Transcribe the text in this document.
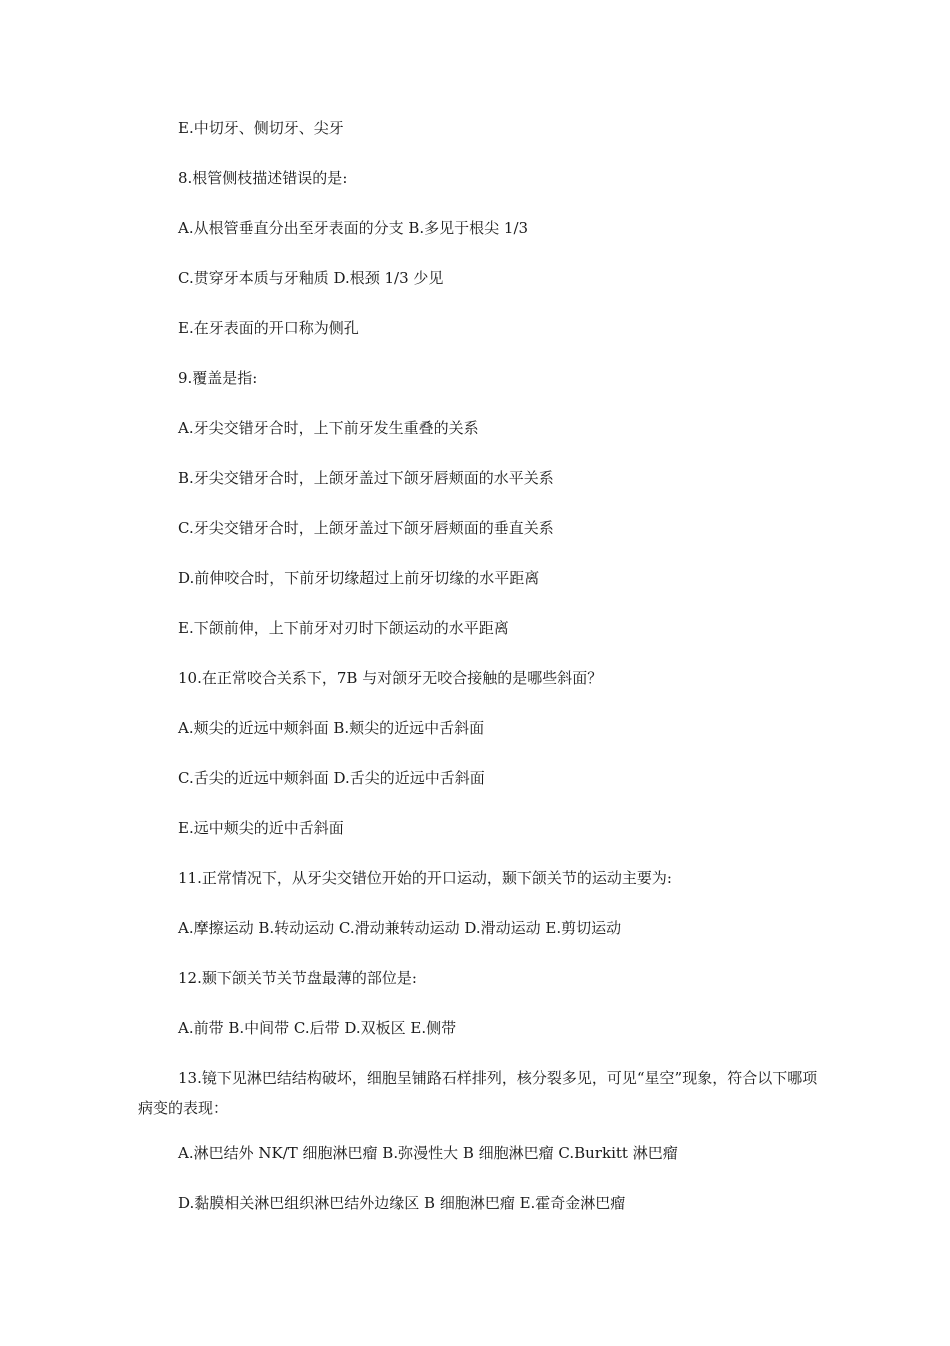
E.中切牙、侧切牙、尖牙
8.根管侧枝描述错误的是:
A.从根管垂直分出至牙表面的分支 B.多见于根尖 1/3
C.贯穿牙本质与牙釉质 D.根颈 1/3 少见
E.在牙表面的开口称为侧孔
9.覆盖是指:
A.牙尖交错牙合时，上下前牙发生重叠的关系
B.牙尖交错牙合时，上颌牙盖过下颌牙唇颊面的水平关系
C.牙尖交错牙合时，上颌牙盖过下颌牙唇颊面的垂直关系
D.前伸咬合时，下前牙切缘超过上前牙切缘的水平距离
E.下颌前伸，上下前牙对刃时下颌运动的水平距离
10.在正常咬合关系下，7B 与对颌牙无咬合接触的是哪些斜面？
A.颊尖的近远中颊斜面 B.颊尖的近远中舌斜面
C.舌尖的近远中颊斜面 D.舌尖的近远中舌斜面
E.远中颊尖的近中舌斜面
11.正常情况下，从牙尖交错位开始的开口运动，颞下颌关节的运动主要为:
A.摩擦运动 B.转动运动 C.滑动兼转动运动 D.滑动运动 E.剪切运动
12.颞下颌关节关节盘最薄的部位是:
A.前带 B.中间带 C.后带 D.双板区 E.侧带
13.镜下见淋巴结结构破坏，细胞呈铺路石样排列，核分裂多见，可见“星空”现象，符合以下哪项病变的表现：
A.淋巴结外 NK/T 细胞淋巴瘤 B.弥漫性大 B 细胞淋巴瘤 C.Burkitt 淋巴瘤
D.黏膜相关淋巴组织淋巴结外边缘区 B 细胞淋巴瘤 E.霍奇金淋巴瘤
